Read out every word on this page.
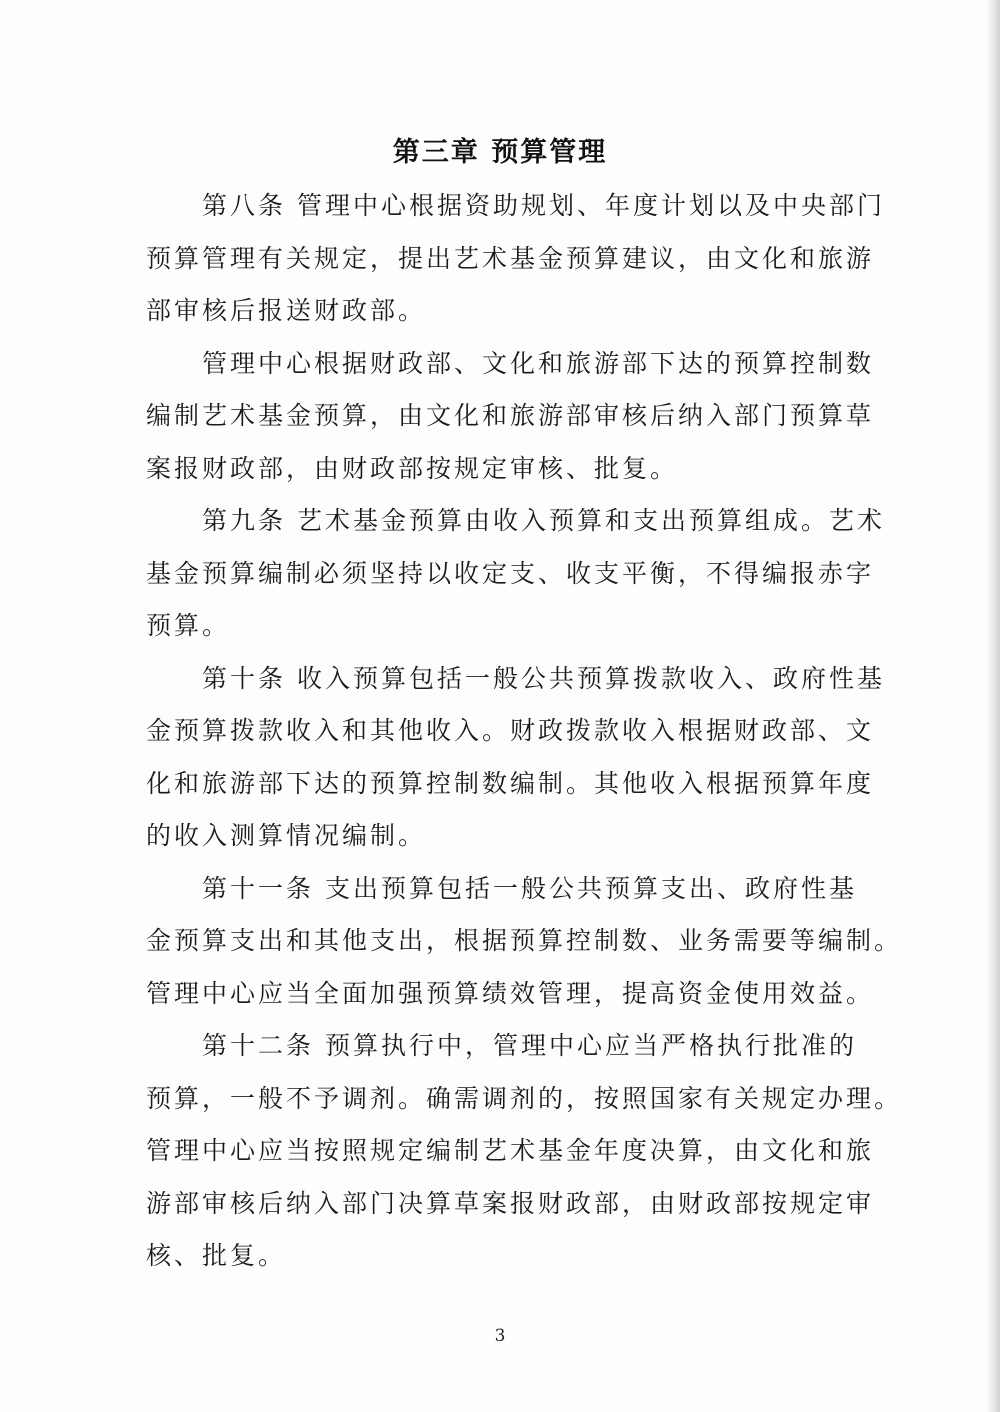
第三章 预算管理

第八条 管理中心根据资助规划、年度计划以及中央部门
预算管理有关规定，提出艺术基金预算建议，由文化和旅游
部审核后报送财政部。

管理中心根据财政部、文化和旅游部下达的预算控制数
编制艺术基金预算，由文化和旅游部审核后纳入部门预算草
案报财政部，由财政部按规定审核、批复。

第九条 艺术基金预算由收入预算和支出预算组成。艺术
基金预算编制必须坚持以收定支、收支平衡，不得编报赤字
预算。

第十条 收入预算包括一般公共预算拨款收入、政府性基
金预算拨款收入和其他收入。财政拨款收入根据财政部、文
化和旅游部下达的预算控制数编制。其他收入根据预算年度
的收入测算情况编制。

第十一条 支出预算包括一般公共预算支出、政府性基
金预算支出和其他支出，根据预算控制数、业务需要等编制。
管理中心应当全面加强预算绩效管理，提高资金使用效益。

第十二条 预算执行中，管理中心应当严格执行批准的
预算，一般不予调剂。确需调剂的，按照国家有关规定办理。
管理中心应当按照规定编制艺术基金年度决算，由文化和旅
游部审核后纳入部门决算草案报财政部，由财政部按规定审
核、批复。

3
